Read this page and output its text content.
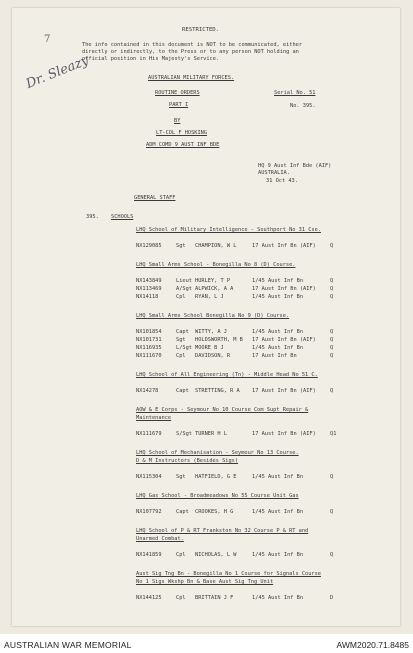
7
Dr. Sleazy
RESTRICTED.
The info contained in this document is NOT to be communicated, either
directly or indirectly, to the Press or to any person NOT holding an
official position in His Majesty's Service.
AUSTRALIAN MILITARY FORCES.
ROUTINE ORDERS	Serial No. 51
PART I	No. 395.
BY
LT-COL F HOSKING
ADM COMD 9 AUST INF BDE
HQ 9 Aust Inf Bde (AIF)
AUSTRALIA.
31 Oct 43.
GENERAL STAFF
395. SCHOOLS
LHQ School of Military Intelligence - Southport No 31 Cse.
NX129085	Sgt CHAMPION, W L	17 Aust Inf Bn (AIF)	Q
LHQ Small Arms School - Bonegilla No 8 (D) Course.
NX143849	Lieut HURLEY, T P	1/45 Aust Inf Bn	Q
NX113469	A/Sgt ALPWICK, A A	17 Aust Inf Bn (AIF)	Q
NX14118	Cpl RYAN, L J	1/45 Aust Inf Bn	Q
LHQ Small Arms School Bonegilla No 9 (D) Course.
NX101854	Capt WITTY, A J	1/45 Aust Inf Bn	Q
NX101731	Sgt HOLDSWORTH, M B 17 Aust Inf Bn (AIF)	Q
NX116935	L/Sgt MOORE B J	1/45 Aust Inf Bn	Q
NX111670	Cpl DAVIDSON, R	17 Aust Inf Bn	Q
LHQ School of All Engineering (Tn) - Middle Head No 51 C.
NX14278	Capt STRETTING, R A 17 Aust Inf Bn (AIF)	Q
AOW & E Corps - Seymour No 10 Course Com Supt Repair &
Maintenance
NX111679	S/Sgt TURNER H L	17 Aust Inf Bn (AIF)	Q1
LHQ School of Mechanisation - Seymour No 13 Course.
D & M Instructors (Besides Sigs)
NX115304	Sgt HATFIELD, G E	1/45 Aust Inf Bn	Q
LHQ Gas School - Broadmeadows No 55 Course Unit Gas
NX107792	Capt CROOKES, H G	1/45 Aust Inf Bn	Q
LHQ School of P & RT Frankston No 32 Course P & RT and
Unarmed Combat.
NX141859	Cpl NICHOLAS, L W	1/45 Aust Inf Bn	Q
Aust Sig Tng Bn - Bonegilla No 1 Course for Signals Course
No 1 Sigs Wkshp Bn & Base Aust Sig Tng Unit
NX144125	Cpl BRITTAIN J F	1/45 Aust Inf Bn	D
AUSTRALIAN WAR MEMORIAL	AWM2020.71.8485
